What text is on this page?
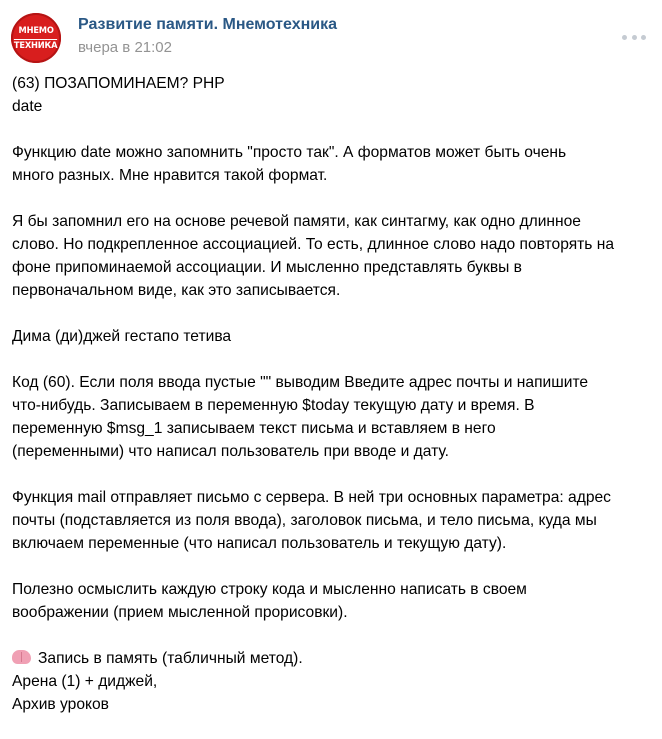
МНЕМО
ТЕХНИКА
Развитие памяти. Мнемотехника
вчера в 21:02
(63) ПОЗАПОМИНАЕМ? PHP
date
Функцию date можно запомнить "просто так". А форматов может быть очень
много разных. Мне нравится такой формат.
Я бы запомнил его на основе речевой памяти, как синтагму, как одно длинное
слово. Но подкрепленное ассоциацией. То есть, длинное слово надо повторять на
фоне припоминаемой ассоциации. И мысленно представлять буквы в
первоначальном виде, как это записывается.
Дима (ди)джей гестапо тетива
Код (60). Если поля ввода пустые "" выводим Введите адрес почты и напишите
что-нибудь. Записываем в переменную $today текущую дату и время. В
переменную $msg_1 записываем текст письма и вставляем в него
(переменными) что написал пользователь при вводе и дату.
Функция mail отправляет письмо с сервера. В ней три основных параметра: адрес
почты (подставляется из поля ввода), заголовок письма, и тело письма, куда мы
включаем переменные (что написал пользователь и текущую дату).
Полезно осмыслить каждую строку кода и мысленно написать в своем
воображении (прием мысленной прорисовки).
Запись в память (табличный метод).
Арена (1) + диджей,
Архив уроков
